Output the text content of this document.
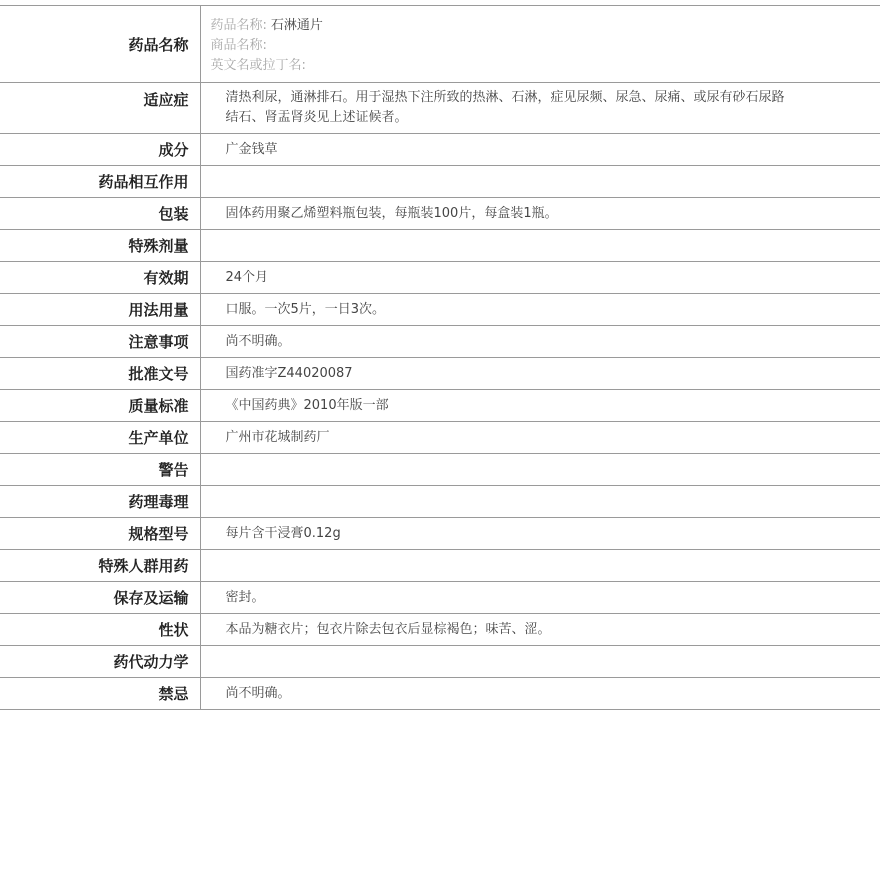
药品名称	药品名称: 石淋通片
商品名称:
英文名或拉丁名:

适应症	清热利尿，通淋排石。用于湿热下注所致的热淋、石淋，症见尿频、尿急、尿痛、或尿有砂石尿路结石、肾盂肾炎见上述证候者。
成分	广金钱草
药品相互作用	
包装	固体药用聚乙烯塑料瓶包装，每瓶装100片，每盒装1瓶。
特殊剂量	
有效期	24个月
用法用量	口服。一次5片，一日3次。
注意事项	尚不明确。
批准文号	国药准字Z44020087
质量标准	《中国药典》2010年版一部
生产单位	广州市花城制药厂
警告	
药理毒理	
规格型号	每片含干浸膏0.12g
特殊人群用药	
保存及运输	密封。
性状	本品为糖衣片；包衣片除去包衣后显棕褐色；味苦、涩。
药代动力学	
禁忌	尚不明确。
